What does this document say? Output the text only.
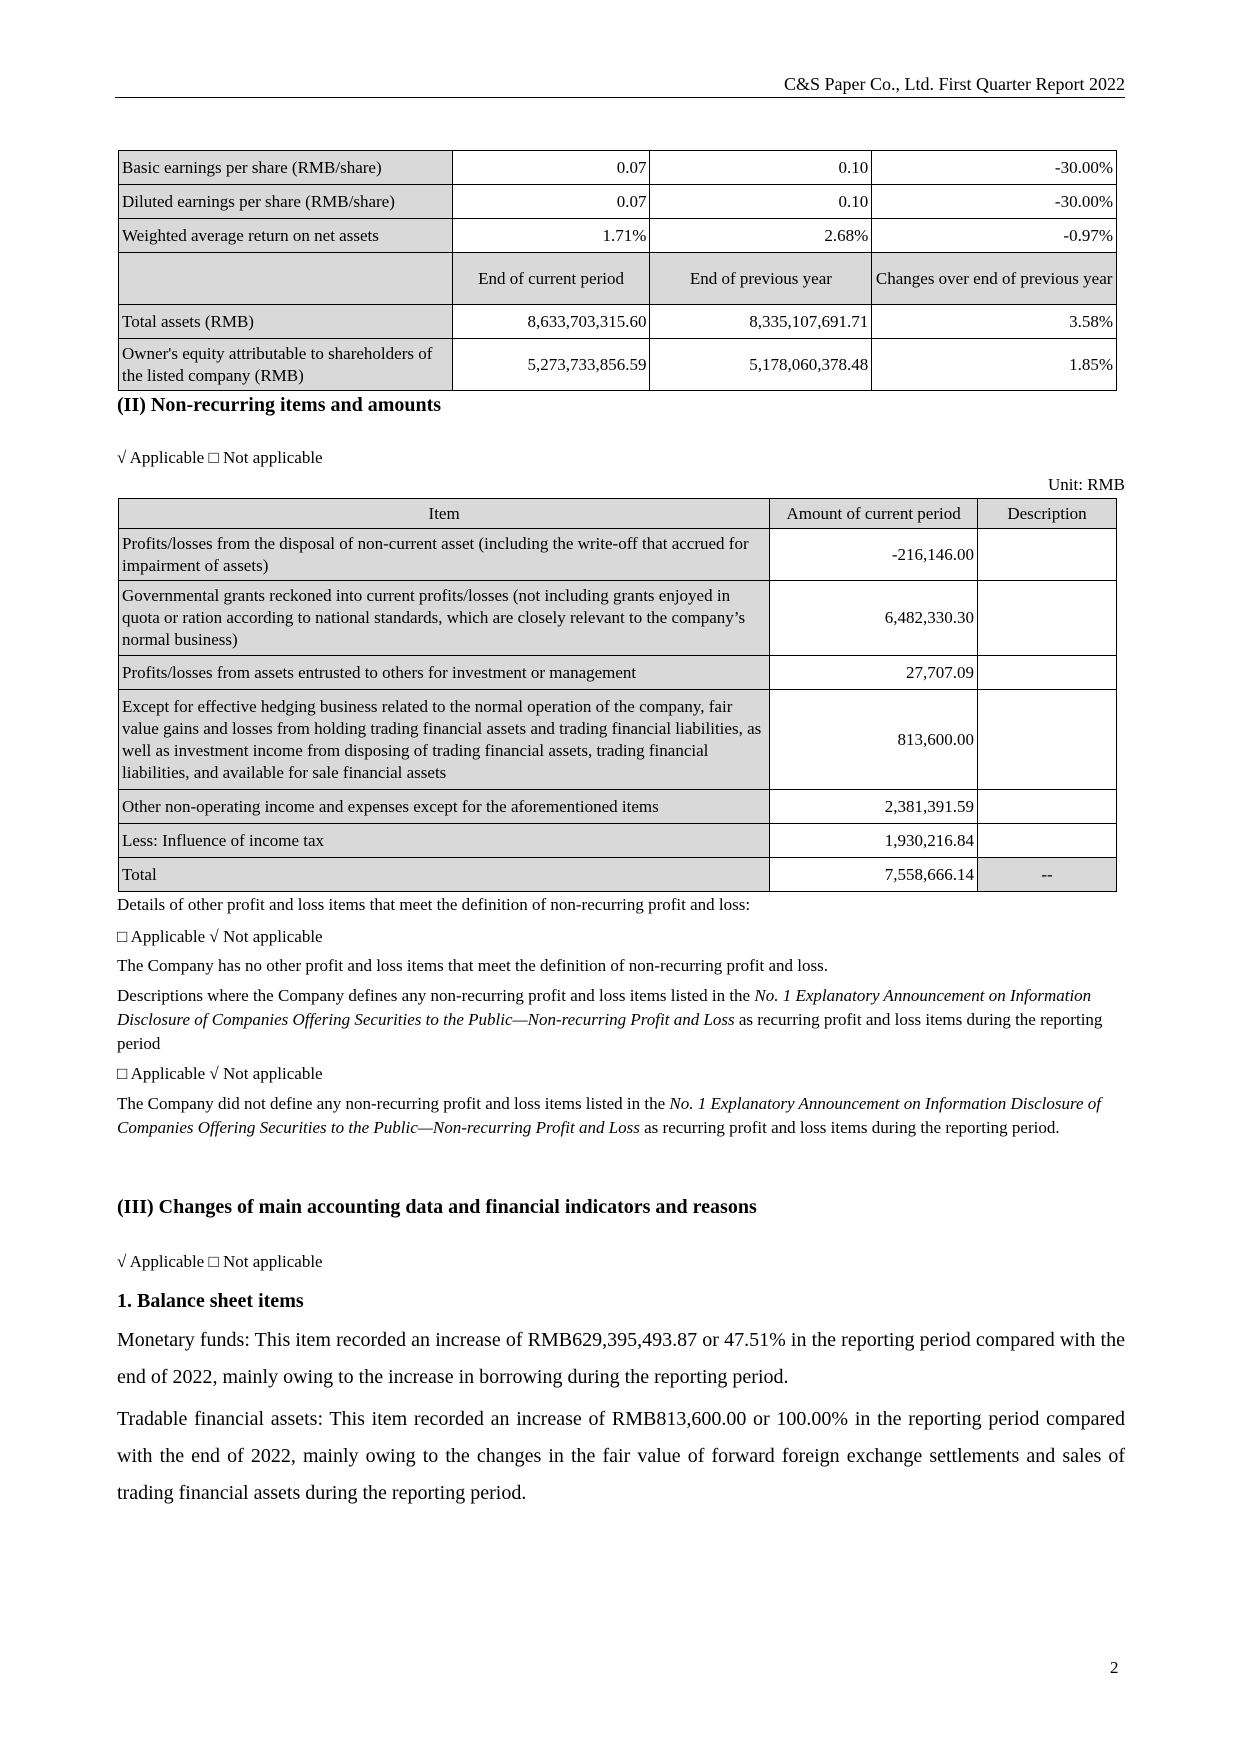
C&S Paper Co., Ltd. First Quarter Report 2022
Basic earnings per share (RMB/share)	0.07	0.10	-30.00%
Diluted earnings per share (RMB/share)	0.07	0.10	-30.00%
Weighted average return on net assets	1.71%	2.68%	-0.97%
	End of current period	End of previous year	Changes over end of previous year
Total assets (RMB)	8,633,703,315.60	8,335,107,691.71	3.58%
Owner's equity attributable to shareholders of the listed company (RMB)	5,273,733,856.59	5,178,060,378.48	1.85%
(II) Non-recurring items and amounts
√ Applicable □ Not applicable
Unit: RMB
Item	Amount of current period	Description
Profits/losses from the disposal of non-current asset (including the write-off that accrued for impairment of assets)	-216,146.00	
Governmental grants reckoned into current profits/losses (not including grants enjoyed in quota or ration according to national standards, which are closely relevant to the company’s normal business)	6,482,330.30	
Profits/losses from assets entrusted to others for investment or management	27,707.09	
Except for effective hedging business related to the normal operation of the company, fair value gains and losses from holding trading financial assets and trading financial liabilities, as well as investment income from disposing of trading financial assets, trading financial liabilities, and available for sale financial assets	813,600.00	
Other non-operating income and expenses except for the aforementioned items	2,381,391.59	
Less: Influence of income tax	1,930,216.84	
Total	7,558,666.14	--
Details of other profit and loss items that meet the definition of non-recurring profit and loss:
□ Applicable √ Not applicable
The Company has no other profit and loss items that meet the definition of non-recurring profit and loss.
Descriptions where the Company defines any non-recurring profit and loss items listed in the No. 1 Explanatory Announcement on Information Disclosure of Companies Offering Securities to the Public—Non-recurring Profit and Loss as recurring profit and loss items during the reporting period
□ Applicable √ Not applicable
The Company did not define any non-recurring profit and loss items listed in the No. 1 Explanatory Announcement on Information Disclosure of Companies Offering Securities to the Public—Non-recurring Profit and Loss as recurring profit and loss items during the reporting period.
(III) Changes of main accounting data and financial indicators and reasons
√ Applicable □ Not applicable
1. Balance sheet items
Monetary funds: This item recorded an increase of RMB629,395,493.87 or 47.51% in the reporting period compared with the end of 2022, mainly owing to the increase in borrowing during the reporting period.
Tradable financial assets: This item recorded an increase of RMB813,600.00 or 100.00% in the reporting period compared with the end of 2022, mainly owing to the changes in the fair value of forward foreign exchange settlements and sales of trading financial assets during the reporting period.
2
